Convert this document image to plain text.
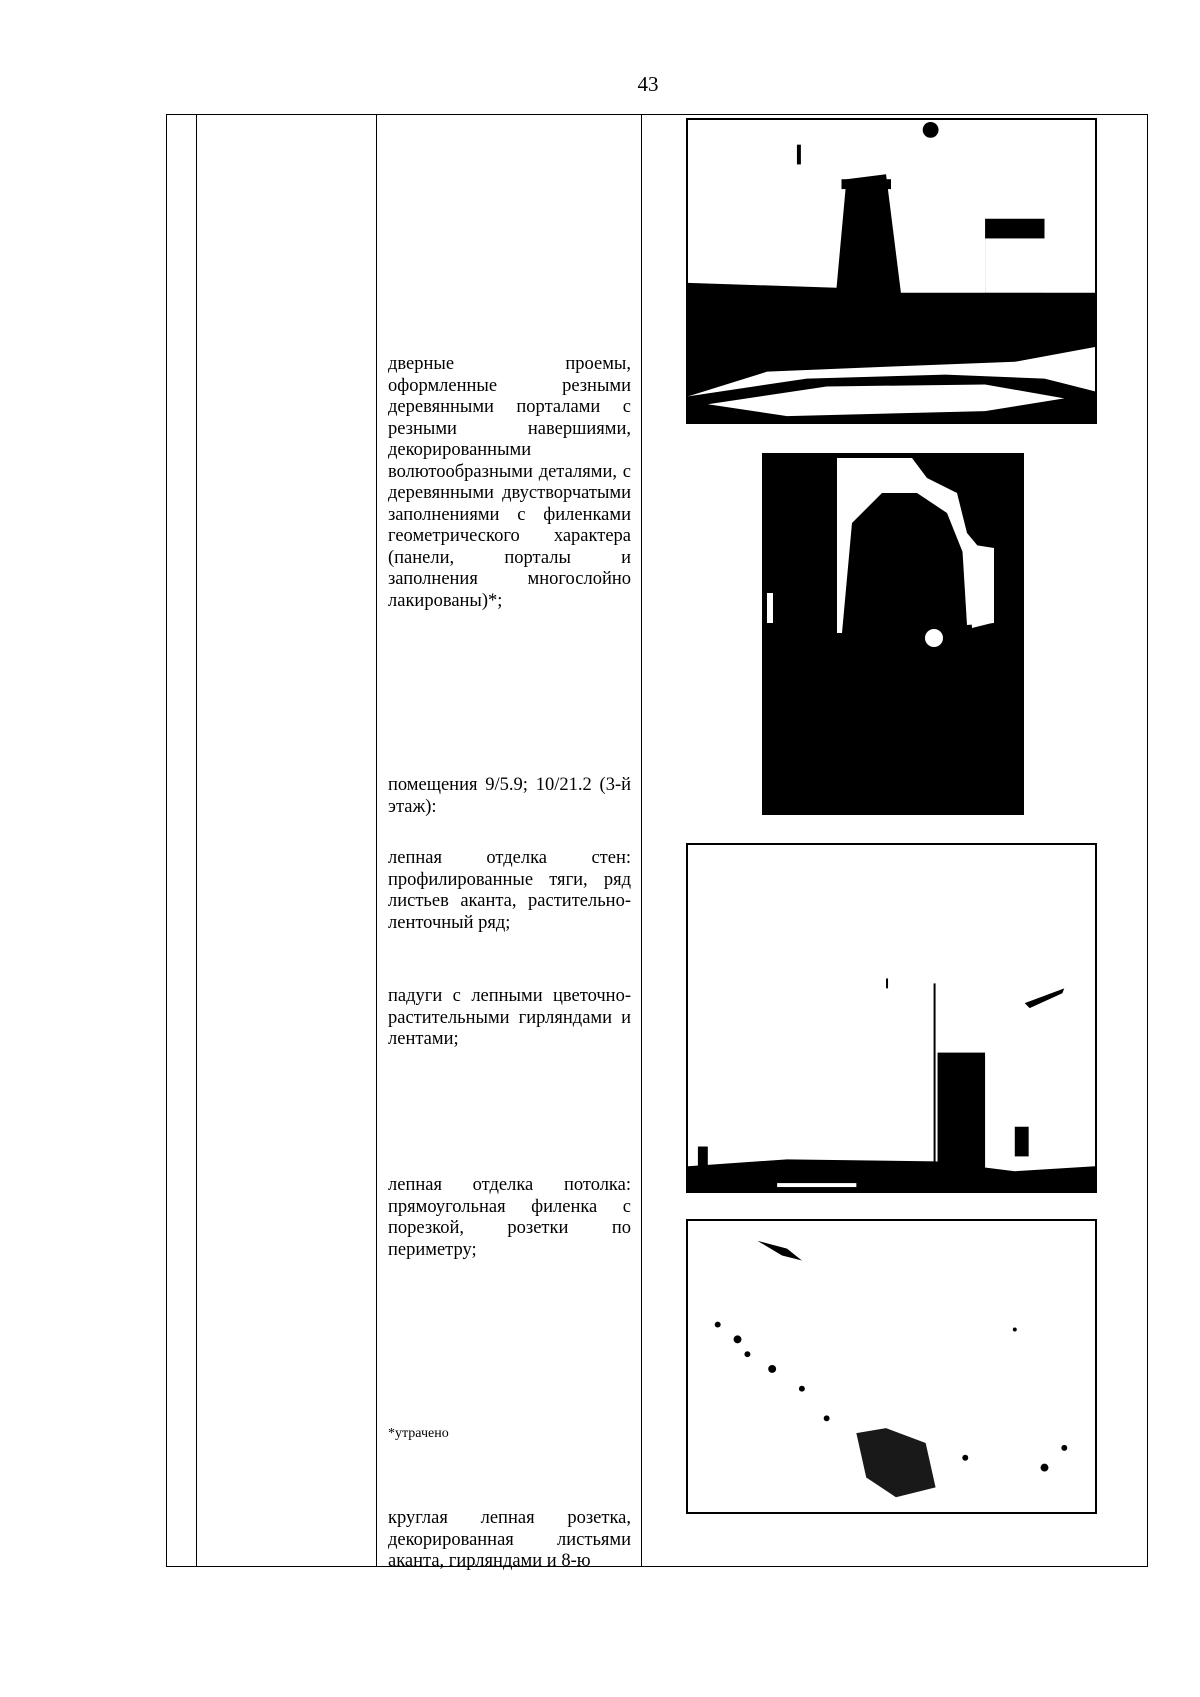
43
дверные проемы, оформленные резными деревянными порталами с резными навершиями, декорированными волютообразными деталями, с деревянными двустворчатыми заполнениями с филенками геометрического характера (панели, порталы и заполнения многослойно лакированы)*;
помещения 9/5.9; 10/21.2 (3-й этаж):
лепная отделка стен: профилированные тяги, ряд листьев аканта, растительно-ленточный ряд;
падуги с лепными цветочно-растительными гирляндами и лентами;
лепная отделка потолка: прямоугольная филенка с порезкой, розетки по периметру;
*утрачено
круглая лепная розетка, декорированная листьями аканта, гирляндами и 8-ю
